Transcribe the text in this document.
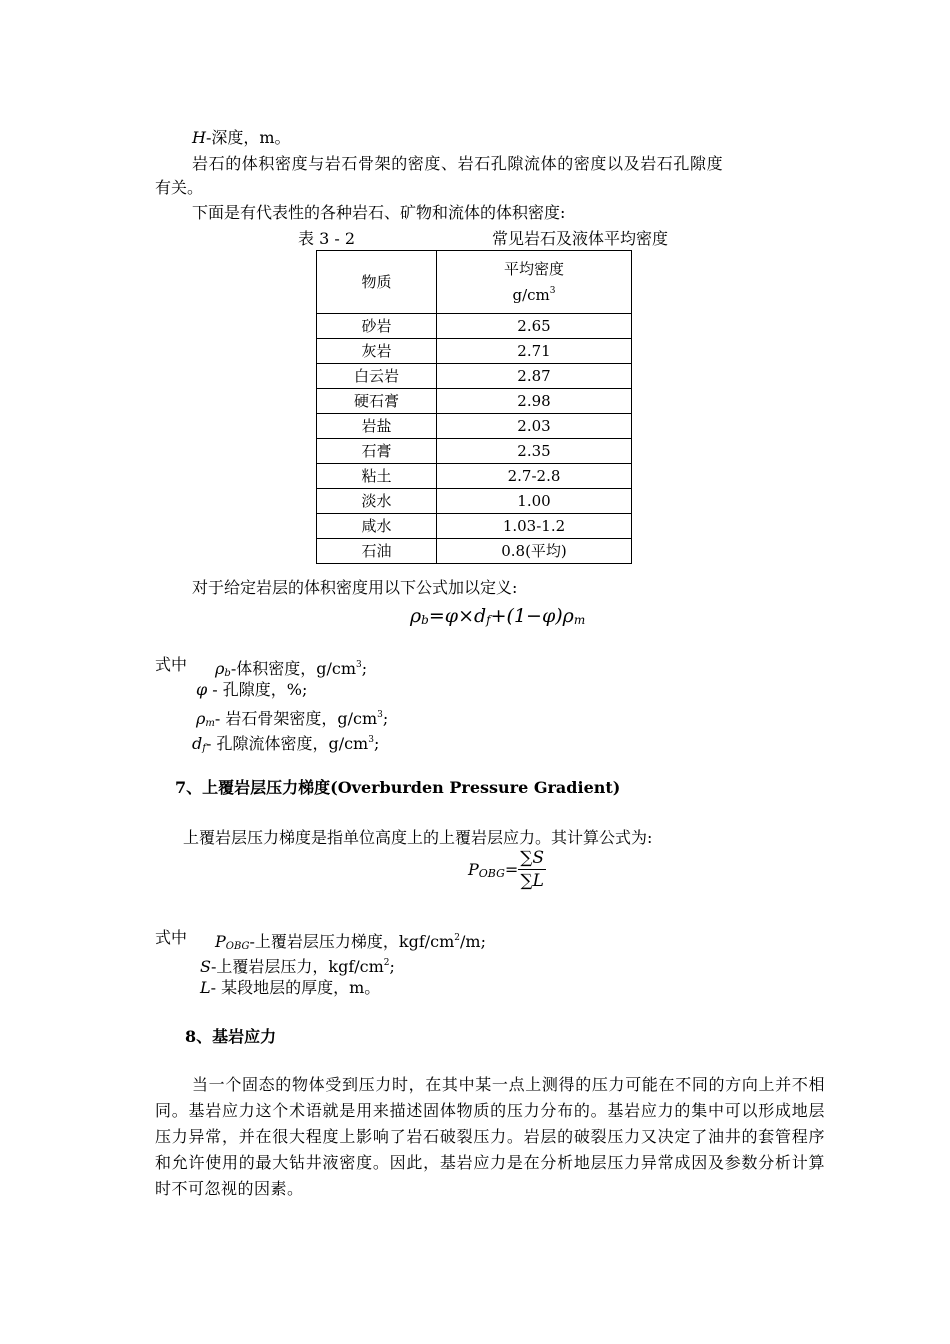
H-深度，m。
岩石的体积密度与岩石骨架的密度、岩石孔隙流体的密度以及岩石孔隙度
有关。
下面是有代表性的各种岩石、矿物和流体的体积密度:
表 3 - 2	常见岩石及液体平均密度
物质	平均密度
$g/cm^3$
砂岩	2.65
灰岩	2.71
白云岩	2.87
硬石膏	2.98
岩盐	2.03
石膏	2.35
粘土	2.7-2.8
淡水	1.00
咸水	1.03-1.2
石油	0.8(平均)
对于给定岩层的体积密度用以下公式加以定义:
ρb=φ×df+(1−φ)ρm
式中 $\rho_b-$体积密度，$g/cm^3$;
φ - 孔隙度，%;
$\rho_m-$ 岩石骨架密度，$g/cm^3$;
$d_f-$ 孔隙流体密度，$g/cm^3$;
7、上覆岩层压力梯度(Overburden Pressure Gradient)
上覆岩层压力梯度是指单位高度上的上覆岩层应力。其计算公式为:
POBG= $\frac{\sum S}{\sum L}$
式中 $P_{OBG}-$上覆岩层压力梯度，kgf/$cm^2/m$;
S-上覆岩层压力，kgf/$cm^2$;
L- 某段地层的厚度，m。
8、基岩应力
当一个固态的物体受到压力时，在其中某一点上测得的压力可能在不同的方向上并不相同。基岩应力这个术语就是用来描述固体物质的压力分布的。基岩应力的集中可以形成地层压力异常，并在很大程度上影响了岩石破裂压力。岩层的破裂压力又决定了油井的套管程序和允许使用的最大钻井液密度。因此，基岩应力是在分析地层压力异常成因及参数分析计算时不可忽视的因素。
